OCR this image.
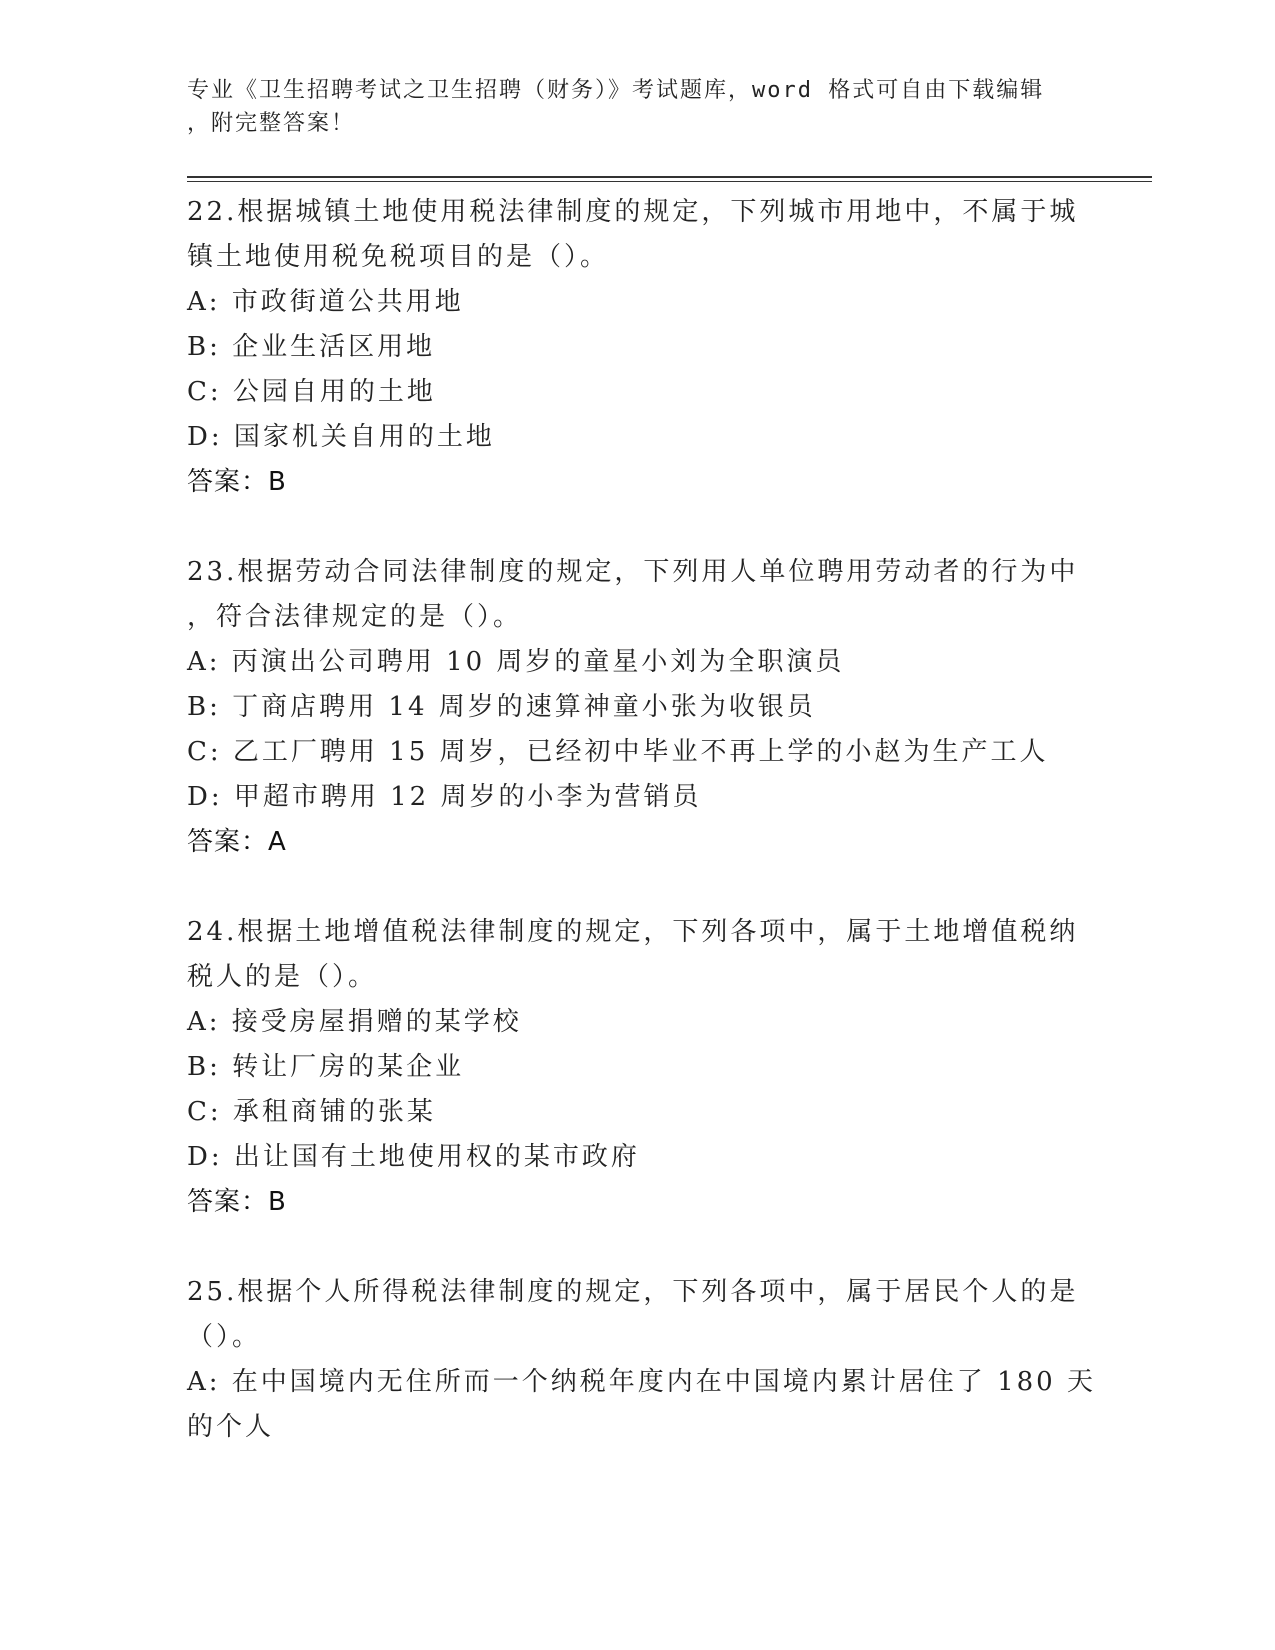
专业《卫生招聘考试之卫生招聘（财务）》考试题库，word 格式可自由下载编辑
，附完整答案！
22.根据城镇土地使用税法律制度的规定，下列城市用地中，不属于城
镇土地使用税免税项目的是（）。
A: 市政街道公共用地
B: 企业生活区用地
C: 公园自用的土地
D: 国家机关自用的土地
答案：B
23.根据劳动合同法律制度的规定，下列用人单位聘用劳动者的行为中
，符合法律规定的是（）。
A: 丙演出公司聘用 10 周岁的童星小刘为全职演员
B: 丁商店聘用 14 周岁的速算神童小张为收银员
C: 乙工厂聘用 15 周岁，已经初中毕业不再上学的小赵为生产工人
D: 甲超市聘用 12 周岁的小李为营销员
答案：A
24.根据土地增值税法律制度的规定，下列各项中，属于土地增值税纳
税人的是（）。
A: 接受房屋捐赠的某学校
B: 转让厂房的某企业
C: 承租商铺的张某
D: 出让国有土地使用权的某市政府
答案：B
25.根据个人所得税法律制度的规定，下列各项中，属于居民个人的是
（）。
A: 在中国境内无住所而一个纳税年度内在中国境内累计居住了 180 天
的个人
